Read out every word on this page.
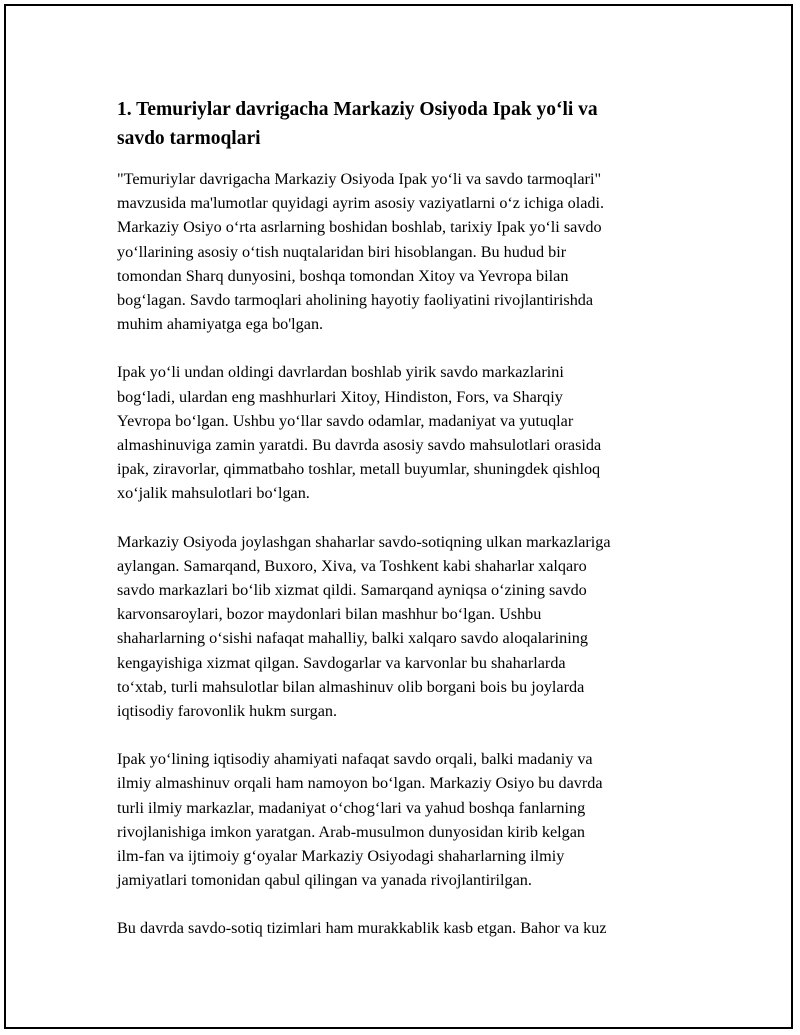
1. Temuriylar davrigacha Markaziy Osiyoda Ipak yo‘li va
savdo tarmoqlari

"Temuriylar davrigacha Markaziy Osiyoda Ipak yo‘li va savdo tarmoqlari"
mavzusida ma'lumotlar quyidagi ayrim asosiy vaziyatlarni o‘z ichiga oladi.
Markaziy Osiyo o‘rta asrlarning boshidan boshlab, tarixiy Ipak yo‘li savdo
yo‘llarining asosiy o‘tish nuqtalaridan biri hisoblangan. Bu hudud bir
tomondan Sharq dunyosini, boshqa tomondan Xitoy va Yevropa bilan
bog‘lagan. Savdo tarmoqlari aholining hayotiy faoliyatini rivojlantirishda
muhim ahamiyatga ega bo'lgan.

Ipak yo‘li undan oldingi davrlardan boshlab yirik savdo markazlarini
bog‘ladi, ulardan eng mashhurlari Xitoy, Hindiston, Fors, va Sharqiy
Yevropa bo‘lgan. Ushbu yo‘llar savdo odamlar, madaniyat va yutuqlar
almashinuviga zamin yaratdi. Bu davrda asosiy savdo mahsulotlari orasida
ipak, ziravorlar, qimmatbaho toshlar, metall buyumlar, shuningdek qishloq
xo‘jalik mahsulotlari bo‘lgan.

Markaziy Osiyoda joylashgan shaharlar savdo-sotiqning ulkan markazlariga
aylangan. Samarqand, Buxoro, Xiva, va Toshkent kabi shaharlar xalqaro
savdo markazlari bo‘lib xizmat qildi. Samarqand ayniqsa o‘zining savdo
karvonsaroylari, bozor maydonlari bilan mashhur bo‘lgan. Ushbu
shaharlarning o‘sishi nafaqat mahalliy, balki xalqaro savdo aloqalarining
kengayishiga xizmat qilgan. Savdogarlar va karvonlar bu shaharlarda
to‘xtab, turli mahsulotlar bilan almashinuv olib borgani bois bu joylarda
iqtisodiy farovonlik hukm surgan.

Ipak yo‘lining iqtisodiy ahamiyati nafaqat savdo orqali, balki madaniy va
ilmiy almashinuv orqali ham namoyon bo‘lgan. Markaziy Osiyo bu davrda
turli ilmiy markazlar, madaniyat o‘chog‘lari va yahud boshqa fanlarning
rivojlanishiga imkon yaratgan. Arab-musulmon dunyosidan kirib kelgan
ilm-fan va ijtimoiy g‘oyalar Markaziy Osiyodagi shaharlarning ilmiy
jamiyatlari tomonidan qabul qilingan va yanada rivojlantirilgan.

Bu davrda savdo-sotiq tizimlari ham murakkablik kasb etgan. Bahor va kuz
